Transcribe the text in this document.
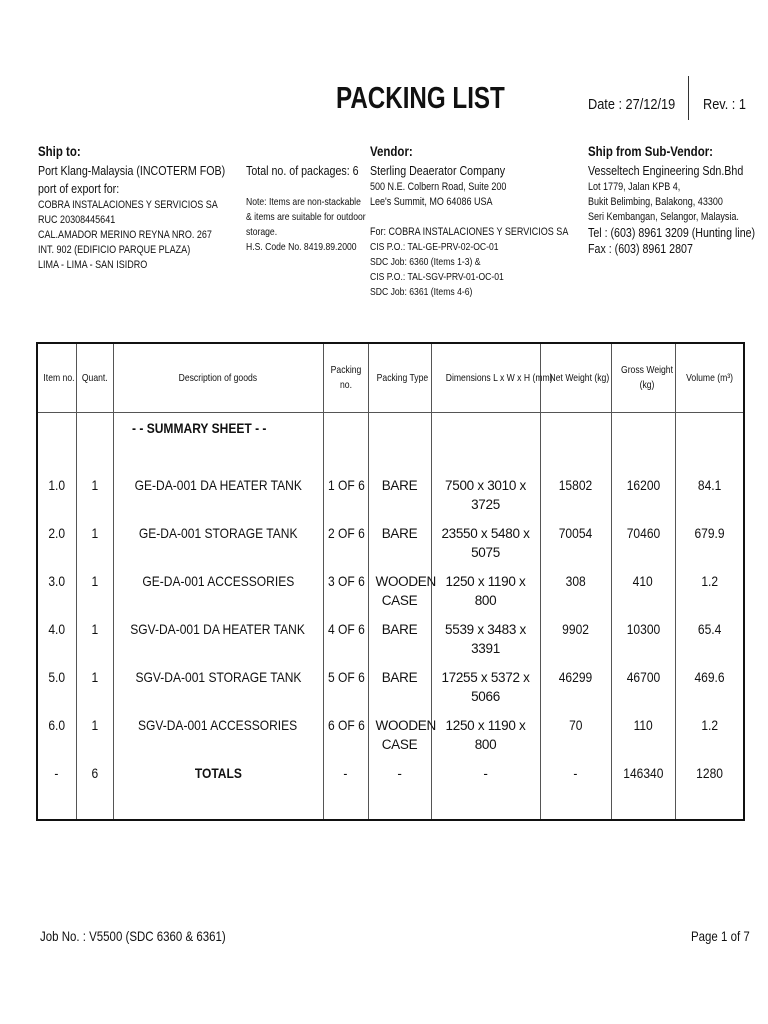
PACKING LIST	Date : 27/12/19 Rev. : 1
Ship to:
Port Klang-Malaysia (INCOTERM FOB) port of export for:
COBRA INSTALACIONES Y SERVICIOS SA
RUC 20308445641
CAL.AMADOR MERINO REYNA NRO. 267
INT. 902 (EDIFICIO PARQUE PLAZA)
LIMA - LIMA - SAN ISIDRO
Total no. of packages: 6
Note: Items are non-stackable
& items are suitable for outdoor
storage.
H.S. Code No. 8419.89.2000
Vendor:
Sterling Deaerator Company
500 N.E. Colbern Road, Suite 200
Lee's Summit, MO 64086 USA
For: COBRA INSTALACIONES Y SERVICIOS SA
CIS P.O.: TAL-GE-PRV-02-OC-01
SDC Job: 6360 (Items 1-3) &
CIS P.O.: TAL-SGV-PRV-01-OC-01
SDC Job: 6361 (Items 4-6)
Ship from Sub-Vendor:
Vesseltech Engineering Sdn.Bhd
Lot 1779, Jalan KPB 4,
Bukit Belimbing, Balakong, 43300
Seri Kembangan, Selangor, Malaysia.
Tel : (603) 8961 3209 (Hunting line)
Fax : (603) 8961 2807
Item no.	Quant.	Description of goods	Packing no.	Packing Type	Dimensions L x W x H (mm)	Net Weight (kg)	Gross Weight (kg)	Volume (m³)
		- - SUMMARY SHEET - -						
1.0	1	GE-DA-001 DA HEATER TANK	1 OF 6	BARE	7500 x 3010 x 3725	15802	16200	84.1
2.0	1	GE-DA-001 STORAGE TANK	2 OF 6	BARE	23550 x 5480 x 5075	70054	70460	679.9
3.0	1	GE-DA-001 ACCESSORIES	3 OF 6	WOODEN CASE	1250 x 1190 x 800	308	410	1.2
4.0	1	SGV-DA-001 DA HEATER TANK	4 OF 6	BARE	5539 x 3483 x 3391	9902	10300	65.4
5.0	1	SGV-DA-001 STORAGE TANK	5 OF 6	BARE	17255 x 5372 x 5066	46299	46700	469.6
6.0	1	SGV-DA-001 ACCESSORIES	6 OF 6	WOODEN CASE	1250 x 1190 x 800	70	110	1.2
-	6	TOTALS	-	-	-	-	146340	1280

Job No. : V5500 (SDC 6360 & 6361)	Page 1 of 7
